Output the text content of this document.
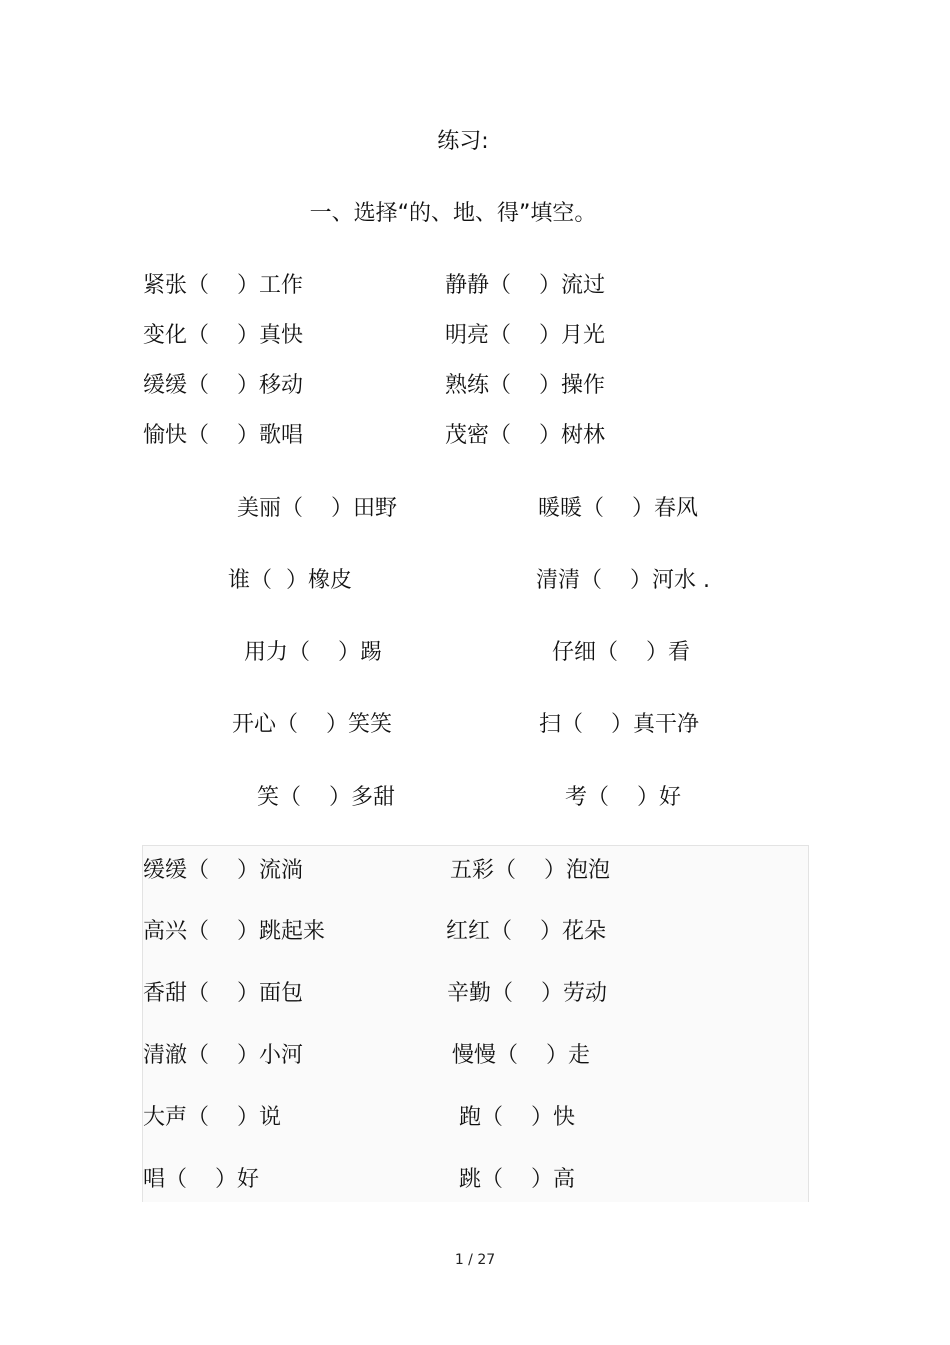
练习:
一、选择“的、地、得”填空。
紧张（    ）工作	静静（    ）流过
变化（    ）真快	明亮（    ）月光
缓缓（    ）移动	熟练（    ）操作
愉快（    ）歌唱	茂密（    ）树林
美丽（    ）田野	暖暖（    ）春风
谁（  ）橡皮	清清（    ）河水 .
用力（    ）踢	仔细（    ）看
开心（    ）笑笑	扫（    ）真干净
笑（    ）多甜	考（    ）好
缓缓（    ）流淌	五彩（    ）泡泡
高兴（    ）跳起来	红红（    ）花朵
香甜（    ）面包	辛勤（    ）劳动
清澈（    ）小河	慢慢（    ）走
大声（    ）说	跑（    ）快
唱（    ）好	跳（    ）高
1 / 27
